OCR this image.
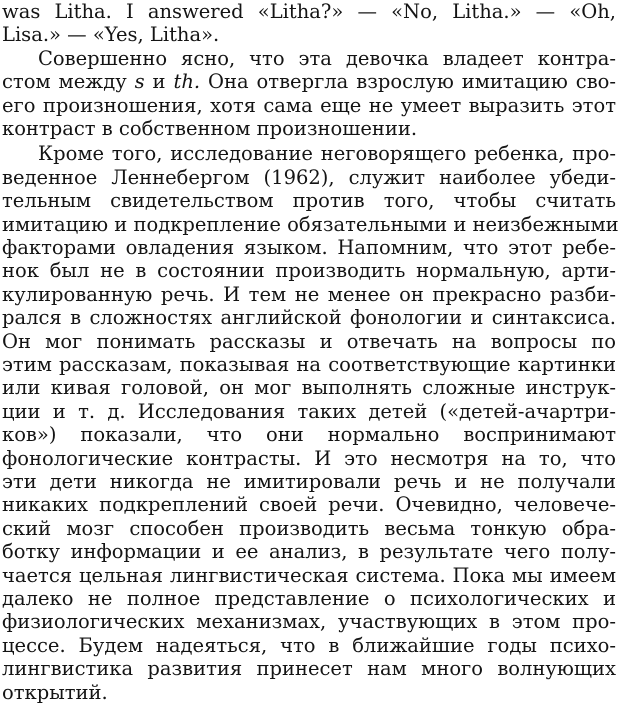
was Litha. I answered «Litha?» — «No, Litha.» — «Oh,
Lisa.» — «Yes, Litha».
Совершенно ясно, что эта девочка владеет контра-
стом между s и th. Она отвергла взрослую имитацию сво-
его произношения, хотя сама еще не умеет выразить этот
контраст в собственном произношении.
Кроме того, исследование неговорящего ребенка, про-
веденное Леннебергом (1962), служит наиболее убеди-
тельным свидетельством против того, чтобы считать
имитацию и подкрепление обязательными и неизбежными
факторами овладения языком. Напомним, что этот ребе-
нок был не в состоянии производить нормальную, арти-
кулированную речь. И тем не менее он прекрасно разби-
рался в сложностях английской фонологии и синтаксиса.
Он мог понимать рассказы и отвечать на вопросы по
этим рассказам, показывая на соответствующие картинки
или кивая головой, он мог выполнять сложные инструк-
ции и т. д. Исследования таких детей («детей-ачартри-
ков») показали, что они нормально воспринимают
фонологические контрасты. И это несмотря на то, что
эти дети никогда не имитировали речь и не получали
никаких подкреплений своей речи. Очевидно, человече-
ский мозг способен производить весьма тонкую обра-
ботку информации и ее анализ, в результате чего полу-
чается цельная лингвистическая система. Пока мы имеем
далеко не полное представление о психологических и
физиологических механизмах, участвующих в этом про-
цессе. Будем надеяться, что в ближайшие годы психо-
лингвистика развития принесет нам много волнующих
открытий.
